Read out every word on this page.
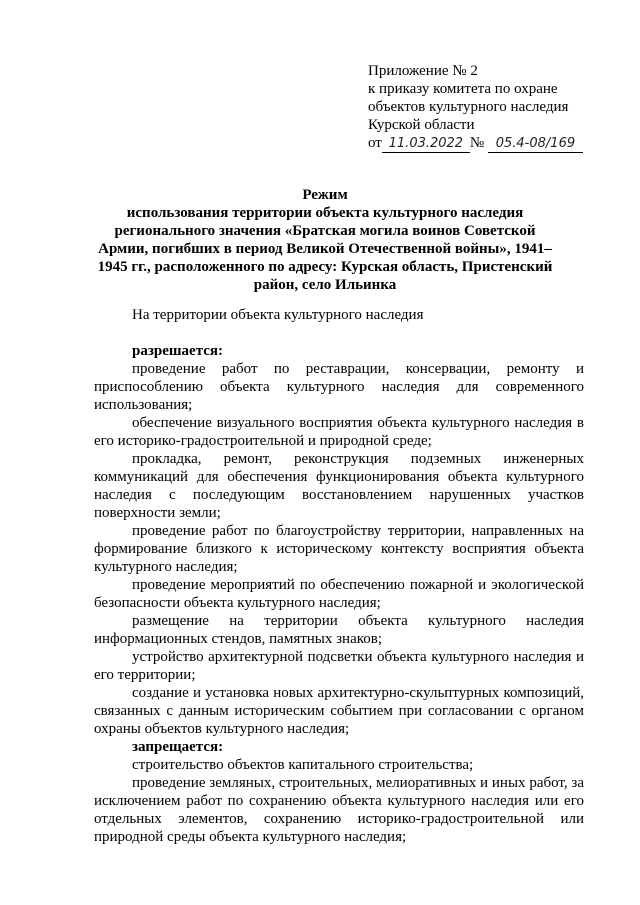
Приложение № 2
к приказу комитета по охране
объектов культурного наследия
Курской области
от 11.03.2022 № 05.4-08/169
Режим
использования территории объекта культурного наследия регионального значения «Братская могила воинов Советской Армии, погибших в период Великой Отечественной войны», 1941–1945 гг., расположенного по адресу: Курская область, Пристенский район, село Ильинка
На территории объекта культурного наследия
разрешается:

проведение работ по реставрации, консервации, ремонту и приспособлению объекта культурного наследия для современного использования;

обеспечение визуального восприятия объекта культурного наследия в его историко-градостроительной и природной среде;

прокладка, ремонт, реконструкция подземных инженерных коммуникаций для обеспечения функционирования объекта культурного наследия с последующим восстановлением нарушенных участков поверхности земли;

проведение работ по благоустройству территории, направленных на формирование близкого к историческому контексту восприятия объекта культурного наследия;

проведение мероприятий по обеспечению пожарной и экологической безопасности объекта культурного наследия;

размещение на территории объекта культурного наследия информационных стендов, памятных знаков;

устройство архитектурной подсветки объекта культурного наследия и его территории;

создание и установка новых архитектурно-скульптурных композиций, связанных с данным историческим событием при согласовании с органом охраны объектов культурного наследия;

запрещается:

строительство объектов капитального строительства;

проведение земляных, строительных, мелиоративных и иных работ, за исключением работ по сохранению объекта культурного наследия или его отдельных элементов, сохранению историко-градостроительной или природной среды объекта культурного наследия;
